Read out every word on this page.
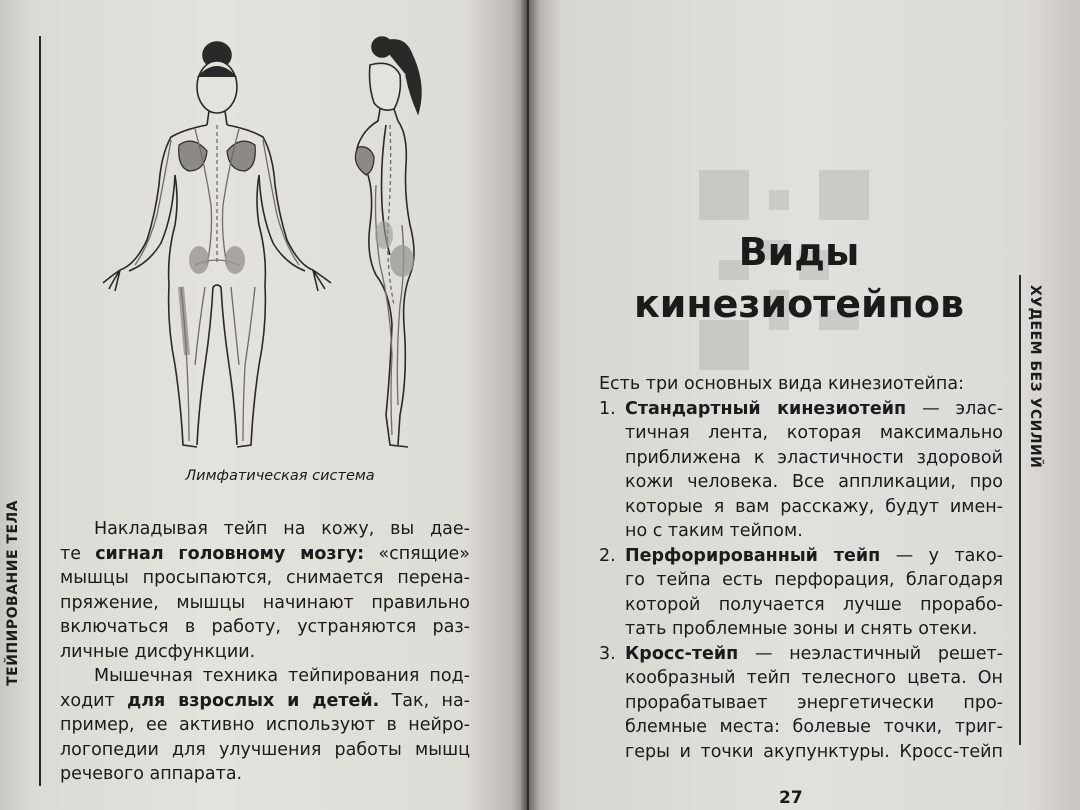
ТЕЙПИРОВАНИЕ ТЕЛА
Лимфатическая система
Накладывая тейп на кожу, вы дае-
те сигнал головному мозгу: «спящие»
мышцы просыпаются, снимается перена-
пряжение, мышцы начинают правильно
включаться в работу, устраняются раз-
личные дисфункции.
Мышечная техника тейпирования под-
ходит для взрослых и детей. Так, на-
пример, ее активно используют в нейро-
логопедии для улучшения работы мышц
речевого аппарата.
Виды
кинезиотейпов
Есть три основных вида кинезиотейпа:
1. Стандартный кинезиотейп — элас-
тичная лента, которая максимально
приближена к эластичности здоровой
кожи человека. Все аппликации, про
которые я вам расскажу, будут имен-
но с таким тейпом.
2. Перфорированный тейп — у тако-
го тейпа есть перфорация, благодаря
которой получается лучше прорабо-
тать проблемные зоны и снять отеки.
3. Кросс-тейп — неэластичный решет-
кообразный тейп телесного цвета. Он
прорабатывает энергетически про-
блемные места: болевые точки, триг-
геры и точки акупунктуры. Кросс-тейп
ХУДЕЕМ БЕЗ УСИЛИЙ
27
